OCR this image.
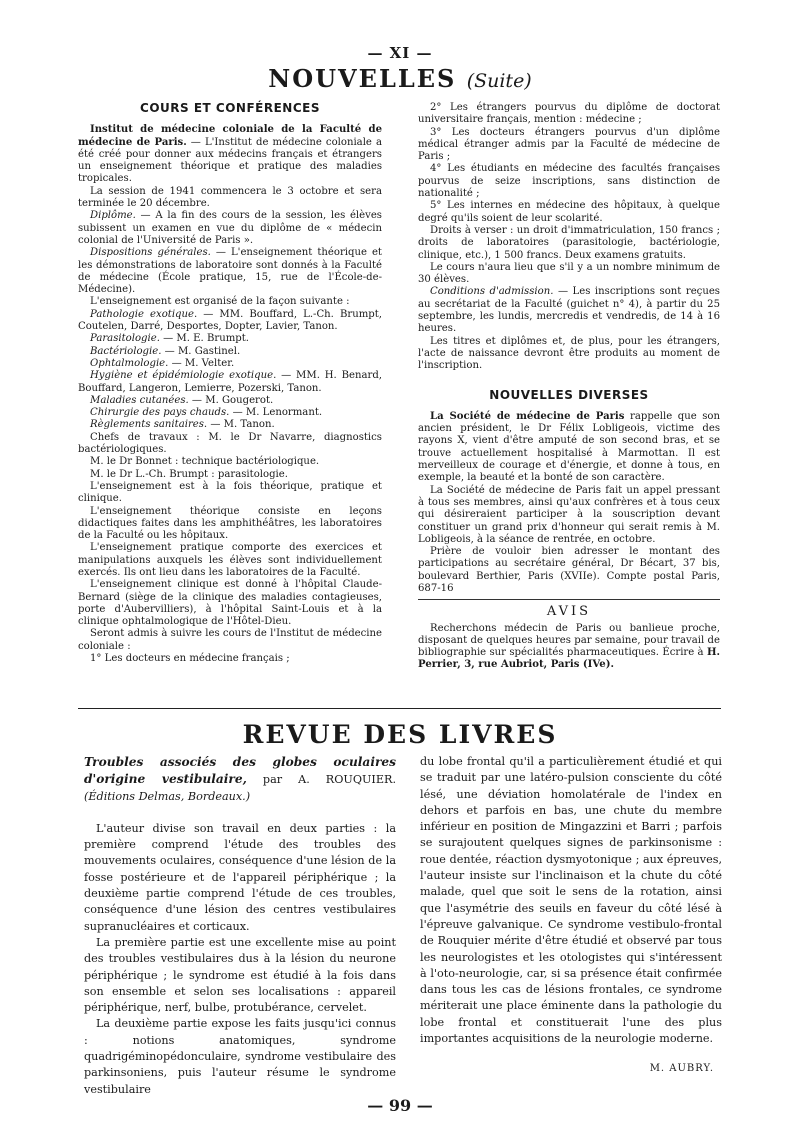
— XI —
NOUVELLES (Suite)
COURS ET CONFÉRENCES

Institut de médecine coloniale de la Faculté de médecine de Paris. — L'Institut de médecine coloniale a été créé pour donner aux médecins français et étrangers un enseignement théorique et pratique des maladies tropicales.

La session de 1941 commencera le 3 octobre et sera terminée le 20 décembre.

Diplôme. — A la fin des cours de la session, les élèves subissent un examen en vue du diplôme de « médecin colonial de l'Université de Paris ».

Dispositions générales. — L'enseignement théorique et les démonstrations de laboratoire sont donnés à la Faculté de médecine (École pratique, 15, rue de l'École-de-Médecine).

L'enseignement est organisé de la façon suivante :

Pathologie exotique. — MM. Bouffard, L.-Ch. Brumpt, Coutelen, Darré, Desportes, Dopter, Lavier, Tanon.

Parasitologie. — M. E. Brumpt.

Bactériologie. — M. Gastinel.

Ophtalmologie. — M. Velter.

Hygiène et épidémiologie exotique. — MM. H. Benard, Bouffard, Langeron, Lemierre, Pozerski, Tanon.

Maladies cutanées. — M. Gougerot.

Chirurgie des pays chauds. — M. Lenormant.

Règlements sanitaires. — M. Tanon.

Chefs de travaux : M. le Dr Navarre, diagnostics bactériologiques.

M. le Dr Bonnet : technique bactériologique.

M. le Dr L.-Ch. Brumpt : parasitologie.

L'enseignement est à la fois théorique, pratique et clinique.

L'enseignement théorique consiste en leçons didactiques faites dans les amphithéâtres, les laboratoires de la Faculté ou les hôpitaux.

L'enseignement pratique comporte des exercices et manipulations auxquels les élèves sont individuellement exercés. Ils ont lieu dans les laboratoires de la Faculté.

L'enseignement clinique est donné à l'hôpital Claude-Bernard (siège de la clinique des maladies contagieuses, porte d'Aubervilliers), à l'hôpital Saint-Louis et à la clinique ophtalmologique de l'Hôtel-Dieu.

Seront admis à suivre les cours de l'Institut de médecine coloniale :

1° Les docteurs en médecine français ;

2° Les étrangers pourvus du diplôme de doctorat universitaire français, mention : médecine ;

3° Les docteurs étrangers pourvus d'un diplôme médical étranger admis par la Faculté de médecine de Paris ;

4° Les étudiants en médecine des facultés françaises pourvus de seize inscriptions, sans distinction de nationalité ;

5° Les internes en médecine des hôpitaux, à quelque degré qu'ils soient de leur scolarité.

Droits à verser : un droit d'immatriculation, 150 francs ; droits de laboratoires (parasitologie, bactériologie, clinique, etc.), 1 500 francs. Deux examens gratuits.

Le cours n'aura lieu que s'il y a un nombre minimum de 30 élèves.

Conditions d'admission. — Les inscriptions sont reçues au secrétariat de la Faculté (guichet n° 4), à partir du 25 septembre, les lundis, mercredis et vendredis, de 14 à 16 heures.

Les titres et diplômes et, de plus, pour les étrangers, l'acte de naissance devront être produits au moment de l'inscription.

NOUVELLES DIVERSES

La Société de médecine de Paris rappelle que son ancien président, le Dr Félix Lobligeois, victime des rayons X, vient d'être amputé de son second bras, et se trouve actuellement hospitalisé à Marmottan. Il est merveilleux de courage et d'énergie, et donne à tous, en exemple, la beauté et la bonté de son caractère.

La Société de médecine de Paris fait un appel pressant à tous ses membres, ainsi qu'aux confrères et à tous ceux qui désireraient participer à la souscription devant constituer un grand prix d'honneur qui serait remis à M. Lobligeois, à la séance de rentrée, en octobre.

Prière de vouloir bien adresser le montant des participations au secrétaire général, Dr Bécart, 37 bis, boulevard Berthier, Paris (XVIIe). Compte postal Paris, 687-16

AVIS

Recherchons médecin de Paris ou banlieue proche, disposant de quelques heures par semaine, pour travail de bibliographie sur spécialités pharmaceutiques. Écrire à H. Perrier, 3, rue Aubriot, Paris (IVe).

REVUE DES LIVRES

Troubles associés des globes oculaires d'origine vestibulaire, par A. ROUQUIER. (Éditions Delmas, Bordeaux.)

L'auteur divise son travail en deux parties : la première comprend l'étude des troubles des mouvements oculaires, conséquence d'une lésion de la fosse postérieure et de l'appareil périphérique ; la deuxième partie comprend l'étude de ces troubles, conséquence d'une lésion des centres vestibulaires supranucléaires et corticaux.

La première partie est une excellente mise au point des troubles vestibulaires dus à la lésion du neurone périphérique ; le syndrome est étudié à la fois dans son ensemble et selon ses localisations : appareil périphérique, nerf, bulbe, protubérance, cervelet.

La deuxième partie expose les faits jusqu'ici connus : notions anatomiques, syndrome quadrigéminopédonculaire, syndrome vestibulaire des parkinsoniens, puis l'auteur résume le syndrome vestibulaire

du lobe frontal qu'il a particulièrement étudié et qui se traduit par une latéro-pulsion consciente du côté lésé, une déviation homolatérale de l'index en dehors et parfois en bas, une chute du membre inférieur en position de Mingazzini et Barri ; parfois se surajoutent quelques signes de parkinsonisme : roue dentée, réaction dysmyotonique ; aux épreuves, l'auteur insiste sur l'inclinaison et la chute du côté malade, quel que soit le sens de la rotation, ainsi que l'asymétrie des seuils en faveur du côté lésé à l'épreuve galvanique. Ce syndrome vestibulo-frontal de Rouquier mérite d'être étudié et observé par tous les neurologistes et les otologistes qui s'intéressent à l'oto-neurologie, car, si sa présence était confirmée dans tous les cas de lésions frontales, ce syndrome mériterait une place éminente dans la pathologie du lobe frontal et constituerait l'une des plus importantes acquisitions de la neurologie moderne.

M. AUBRY.
— 99 —
